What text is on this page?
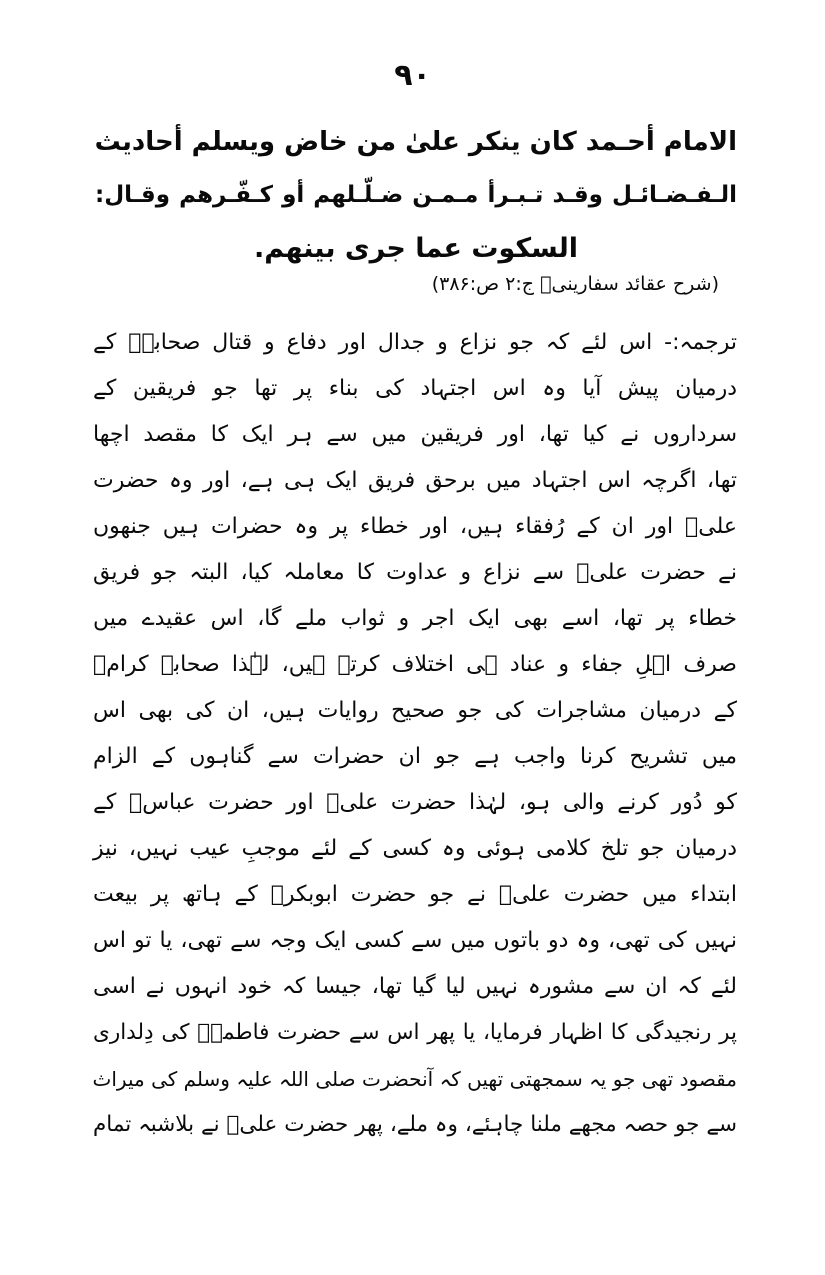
۹۰
الامام أحـمد كان ينكر علىٰ من خاض ويسلم أحاديث
الـفـضـائـل وقـد تـبـرأ مـمـن ضـلّـلهم أو كـفّـرهم وقـال:
السكوت عما جرى بينهم.
(شرح عقائد سفارینیؒ ج:۲ ص:۳۸۶)
ترجمہ:- اس لئے کہ جو نزاع و جدال اور دفاع و قتال صحابہؓ کے
درمیان پیش آیا وہ اس اجتہاد کی بناء پر تھا جو فریقین کے
سرداروں نے کیا تھا، اور فریقین میں سے ہر ایک کا مقصد اچھا
تھا، اگرچہ اس اجتہاد میں برحق فریق ایک ہی ہے، اور وہ حضرت
علیؓ اور ان کے رُفقاء ہیں، اور خطاء پر وہ حضرات ہیں جنھوں
نے حضرت علیؓ سے نزاع و عداوت کا معاملہ کیا، البتہ جو فریق
خطاء پر تھا، اسے بھی ایک اجر و ثواب ملے گا، اس عقیدے میں
صرف اہلِ جفاء و عناد ہی اختلاف کرتے ہیں، لہٰذا صحابہ کرامؓ
کے درمیان مشاجرات کی جو صحیح روایات ہیں، ان کی بھی اس
میں تشریح کرنا واجب ہے جو ان حضرات سے گناہوں کے الزام
کو دُور کرنے والی ہو، لہٰذا حضرت علیؓ اور حضرت عباسؓ کے
درمیان جو تلخ کلامی ہوئی وہ کسی کے لئے موجبِ عیب نہیں، نیز
ابتداء میں حضرت علیؓ نے جو حضرت ابوبکرؓ کے ہاتھ پر بیعت
نہیں کی تھی، وہ دو باتوں میں سے کسی ایک وجہ سے تھی، یا تو اس
لئے کہ ان سے مشورہ نہیں لیا گیا تھا، جیسا کہ خود انہوں نے اسی
پر رنجیدگی کا اظہار فرمایا، یا پھر اس سے حضرت فاطمہؓ کی دِلداری
مقصود تھی جو یہ سمجھتی تھیں کہ آنحضرت صلی اللہ علیہ وسلم کی میراث
سے جو حصہ مجھے ملنا چاہئے، وہ ملے، پھر حضرت علیؓ نے بلاشبہ تمام
